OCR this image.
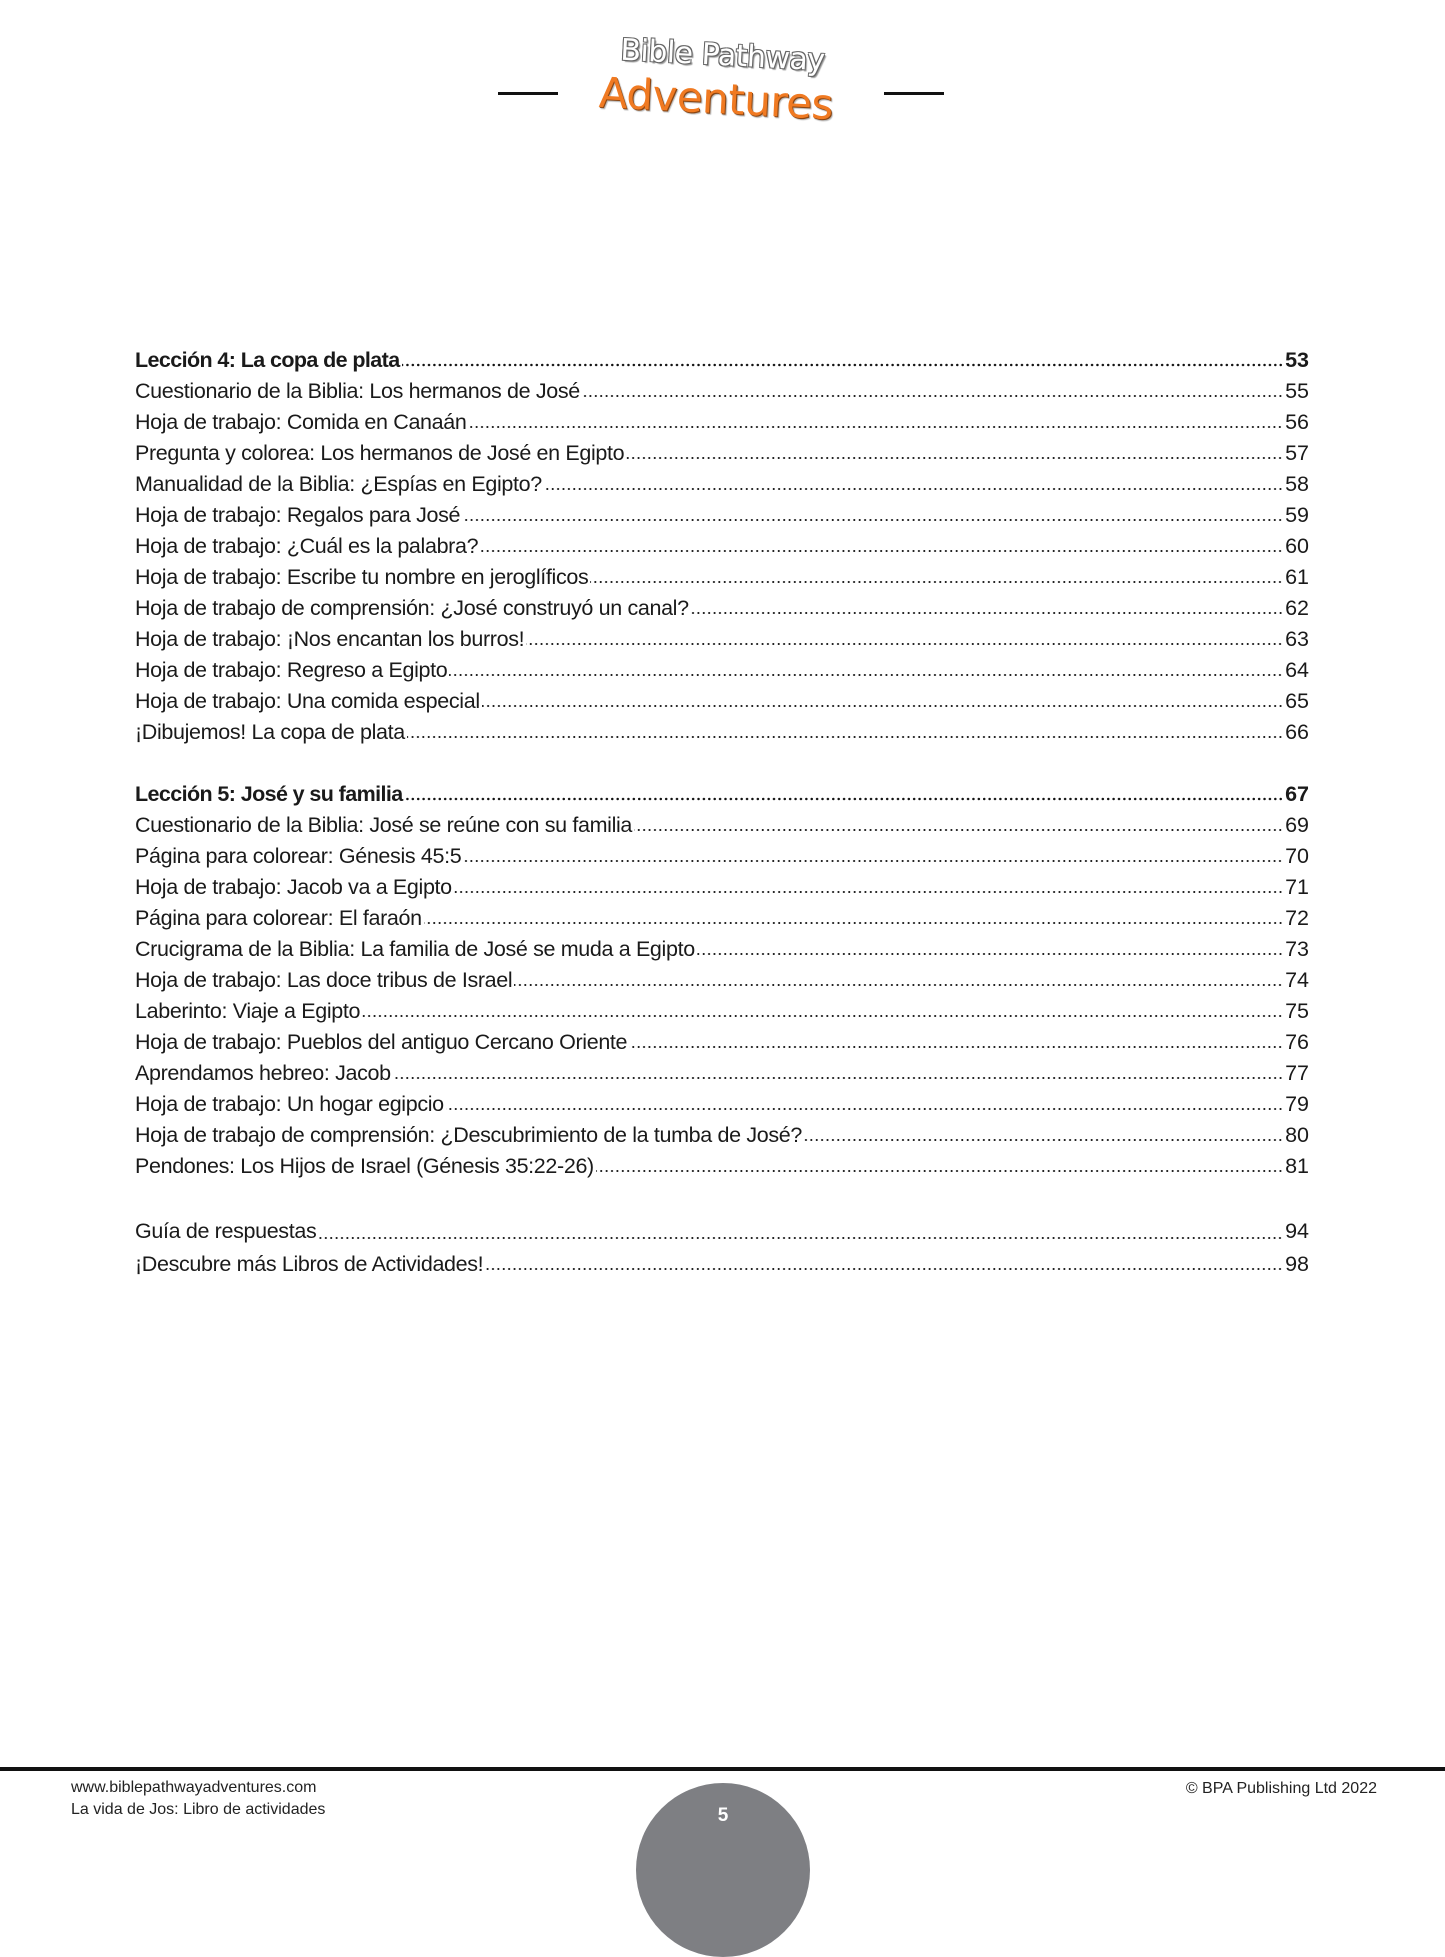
Bible Pathway
Adventures
Lección 4: La copa de plata	53
Cuestionario de la Biblia: Los hermanos de José	55
Hoja de trabajo: Comida en Canaán	56
Pregunta y colorea: Los hermanos de José en Egipto	57
Manualidad de la Biblia: ¿Espías en Egipto?	58
Hoja de trabajo: Regalos para José	59
Hoja de trabajo: ¿Cuál es la palabra?	60
Hoja de trabajo: Escribe tu nombre en jeroglíficos	61
Hoja de trabajo de comprensión: ¿José construyó un canal?	62
Hoja de trabajo: ¡Nos encantan los burros!	63
Hoja de trabajo: Regreso a Egipto	64
Hoja de trabajo: Una comida especial	65
¡Dibujemos! La copa de plata	66
Lección 5: José y su familia	67
Cuestionario de la Biblia: José se reúne con su familia	69
Página para colorear: Génesis 45:5	70
Hoja de trabajo: Jacob va a Egipto	71
Página para colorear: El faraón	72
Crucigrama de la Biblia: La familia de José se muda a Egipto	73
Hoja de trabajo: Las doce tribus de Israel	74
Laberinto: Viaje a Egipto	75
Hoja de trabajo: Pueblos del antiguo Cercano Oriente	76
Aprendamos hebreo: Jacob	77
Hoja de trabajo: Un hogar egipcio	79
Hoja de trabajo de comprensión: ¿Descubrimiento de la tumba de José?	80
Pendones: Los Hijos de Israel (Génesis 35:22-26)	81
Guía de respuestas	94
¡Descubre más Libros de Actividades!	98
www.biblepathwayadventures.com
La vida de Jos: Libro de actividades	5
© BPA Publishing Ltd 2022
